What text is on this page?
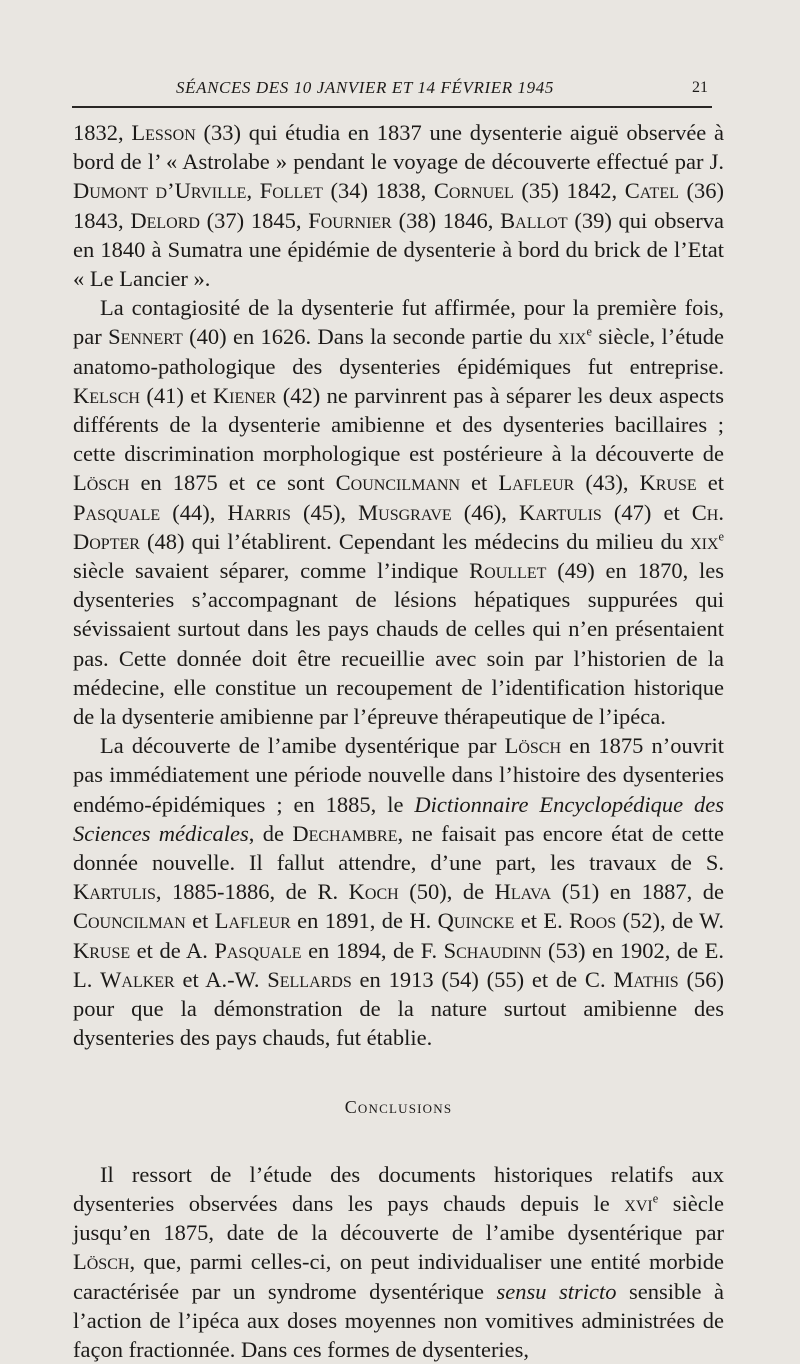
SÉANCES DES 10 JANVIER ET 14 FÉVRIER 1945	21

1832, Lesson (33) qui étudia en 1837 une dysenterie aiguë observée à bord de l’ « Astrolabe » pendant le voyage de découverte effectué par J. Dumont d’Urville, Follet (34) 1838, Cornuel (35) 1842, Catel (36) 1843, Delord (37) 1845, Fournier (38) 1846, Ballot (39) qui observa en 1840 à Sumatra une épidémie de dysenterie à bord du brick de l’Etat « Le Lancier ».

La contagiosité de la dysenterie fut affirmée, pour la première fois, par Sennert (40) en 1626. Dans la seconde partie du xix$^e$ siècle, l’étude anatomo-pathologique des dysenteries épidémiques fut entreprise. Kelsch (41) et Kiener (42) ne parvinrent pas à séparer les deux aspects différents de la dysenterie amibienne et des dysenteries bacillaires ; cette discrimination morphologique est postérieure à la découverte de Lösch en 1875 et ce sont Councilmann et Lafleur (43), Kruse et Pasquale (44), Harris (45), Musgrave (46), Kartulis (47) et Ch. Dopter (48) qui l’établirent. Cependant les médecins du milieu du xix$^e$ siècle savaient séparer, comme l’indique Roullet (49) en 1870, les dysenteries s’accompagnant de lésions hépatiques suppurées qui sévissaient surtout dans les pays chauds de celles qui n’en présentaient pas. Cette donnée doit être recueillie avec soin par l’historien de la médecine, elle constitue un recoupement de l’identification historique de la dysenterie amibienne par l’épreuve thérapeutique de l’ipéca.

La découverte de l’amibe dysentérique par Lösch en 1875 n’ouvrit pas immédiatement une période nouvelle dans l’histoire des dysenteries endémo-épidémiques ; en 1885, le Dictionnaire Encyclopédique des Sciences médicales, de Dechambre, ne faisait pas encore état de cette donnée nouvelle. Il fallut attendre, d’une part, les travaux de S. Kartulis, 1885-1886, de R. Koch (50), de Hlava (51) en 1887, de Councilman et Lafleur en 1891, de H. Quincke et E. Roos (52), de W. Kruse et de A. Pasquale en 1894, de F. Schaudinn (53) en 1902, de E. L. Walker et A.-W. Sellards en 1913 (54) (55) et de C. Mathis (56) pour que la démonstration de la nature surtout amibienne des dysenteries des pays chauds, fut établie.

Conclusions

Il ressort de l’étude des documents historiques relatifs aux dysenteries observées dans les pays chauds depuis le xvi$^e$ siècle jusqu’en 1875, date de la découverte de l’amibe dysentérique par Lösch, que, parmi celles-ci, on peut individualiser une entité morbide caractérisée par un syndrome dysentérique sensu stricto sensible à l’action de l’ipéca aux doses moyennes non vomitives administrées de façon fractionnée. Dans ces formes de dysenteries,
